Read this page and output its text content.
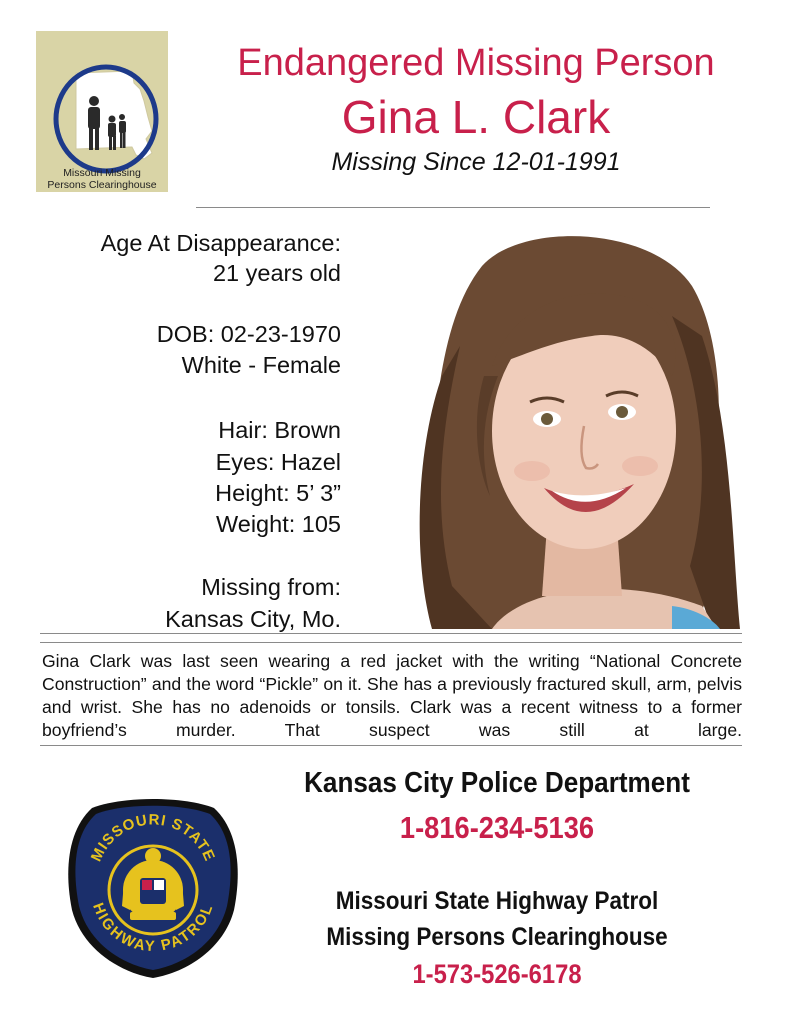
Missouri Missing
Persons Clearinghouse
Endangered Missing Person
Gina L. Clark
Missing Since 12-01-1991
Age At Disappearance:
21 years old
DOB: 02-23-1970
White - Female
Hair: Brown
Eyes: Hazel
Height: 5’ 3”
Weight: 105
Missing from:
Kansas City, Mo.

Gina Clark was last seen wearing a red jacket with the writing “National Concrete Construction” and the word “Pickle” on it. She has a previously fractured skull, arm, pelvis and wrist. She has no adenoids or tonsils. Clark was a recent witness to a former boyfriend’s murder. That suspect was still at large.

Kansas City Police Department
1-816-234-5136
Missouri State Highway Patrol
Missing Persons Clearinghouse
1-573-526-6178
MISSOURI STATE
HIGHWAY PATROL
